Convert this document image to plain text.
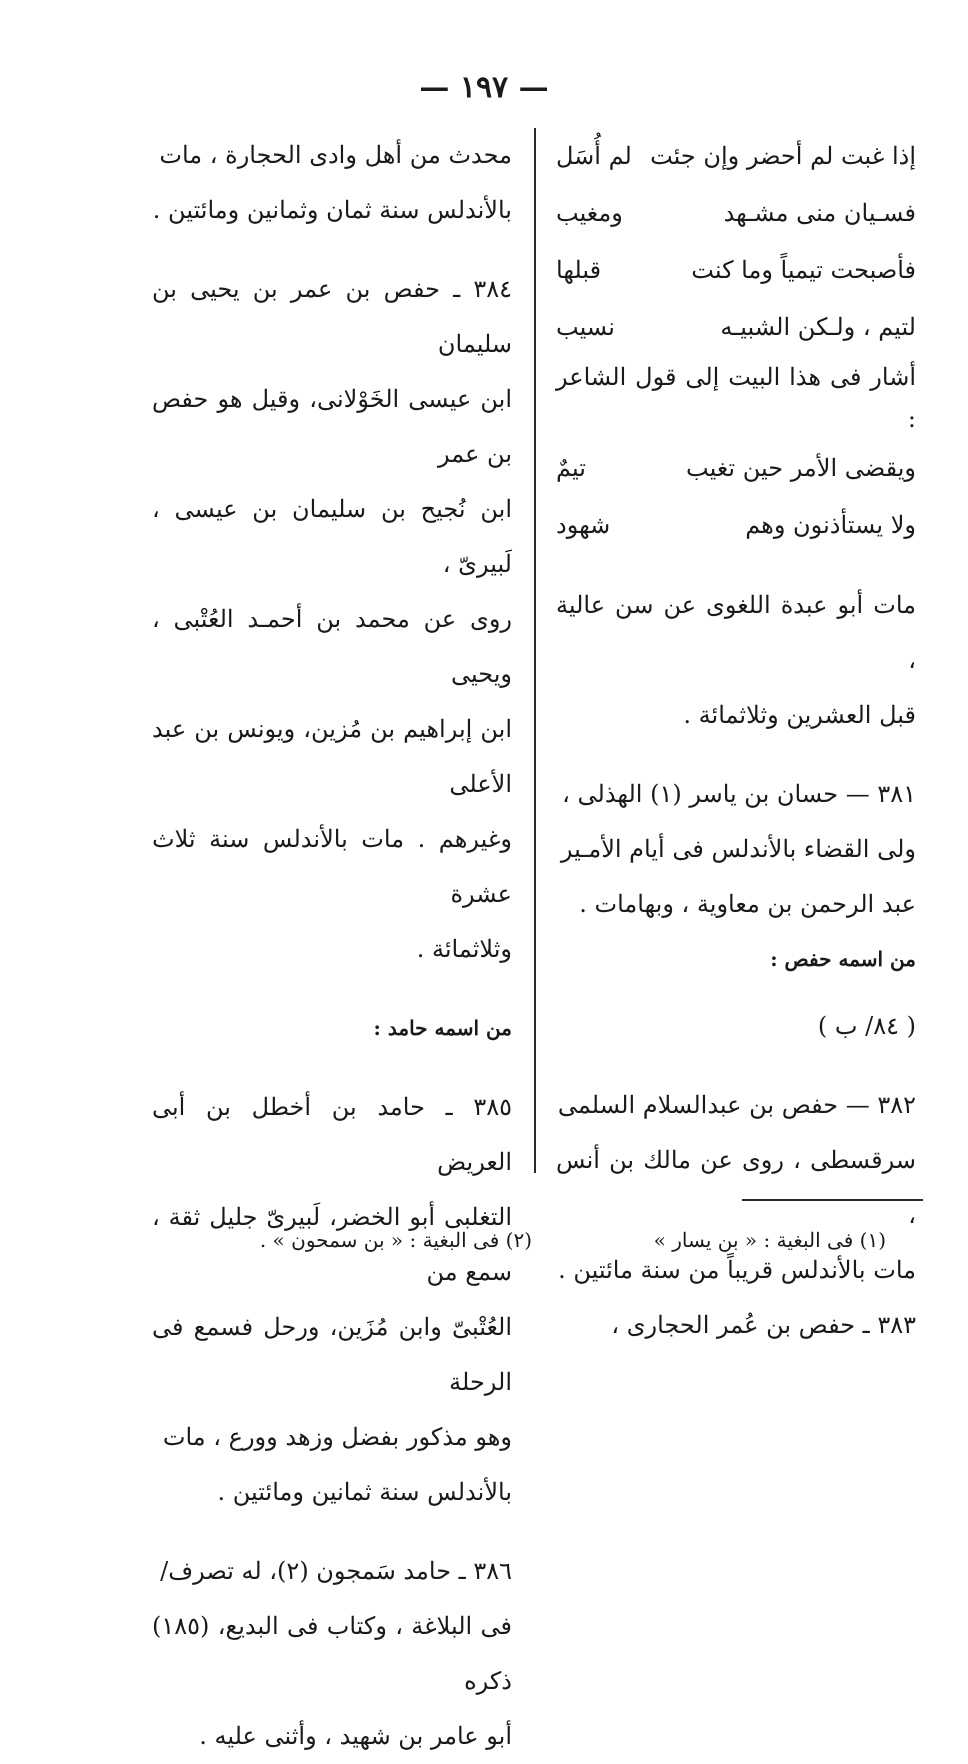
— ١٩٧ —

إذا غبت لم أحضر وإن جئت
لم أُسَل

فسـيان منى مشـهد
ومغيب

فأصبحت تيمياً وما كنت
قبلها

لتيم ، ولـكن الشبيـه
نسيب

أشار فى هذا البيت إلى قول الشاعر :

ويقضى الأمر حين تغيب
تيمٌ

ولا يستأذنون وهم
شهود

مات أبو عبدة اللغوى عن سن عالية ،

قبل العشرين وثلاثمائة .

٣٨١ — حسان بن ياسر (١) الهذلى ،

ولى القضاء بالأندلس فى أيام الأمـير

عبد الرحمن بن معاوية ، وبهامات .

من اسمه حفص :

( ٨٤/ ب )

٣٨٢ — حفص بن عبدالسلام السلمى

سرقسطى ، روى عن مالك بن أنس ،

مات بالأندلس قريباً من سنة مائتين .

٣٨٣ ـ حفص بن عُمر الحجارى ،

محدث من أهل وادى الحجارة ، مات

بالأندلس سنة ثمان وثمانين ومائتين .

٣٨٤ ـ حفص بن عمر بن يحيى بن سليمان

ابن عيسى الخَوْلانى، وقيل هو حفص بن عمر

ابن نُجيح بن سليمان بن عيسى ، لَبيرىّ ،

روى عن محمد بن أحمـد العُتْبى ، ويحيى

ابن إبراهيم بن مُزين، ويونس بن عبد الأعلى

وغيرهم . مات بالأندلس سنة ثلاث عشرة

وثلاثمائة .

من اسمه حامد :

٣٨٥ ـ حامد بن أخطل بن أبى العريض

التغلبى أبو الخضر، لَبيرىّ جليل ثقة ، سمع من

العُتْبىّ وابن مُزَين، ورحل فسمع فى الرحلة

وهو مذكور بفضل وزهد وورع ، مات

بالأندلس سنة ثمانين ومائتين .

٣٨٦ ـ حامد سَمجون (٢)، له تصرف/

فى البلاغة ، وكتاب فى البديع، (١٨٥) ذكره

أبو عامر بن شهيد ، وأثنى عليه .

(١) فى البغية : « بن يسار »
(٢) فى البغية : « بن سمحون » .
